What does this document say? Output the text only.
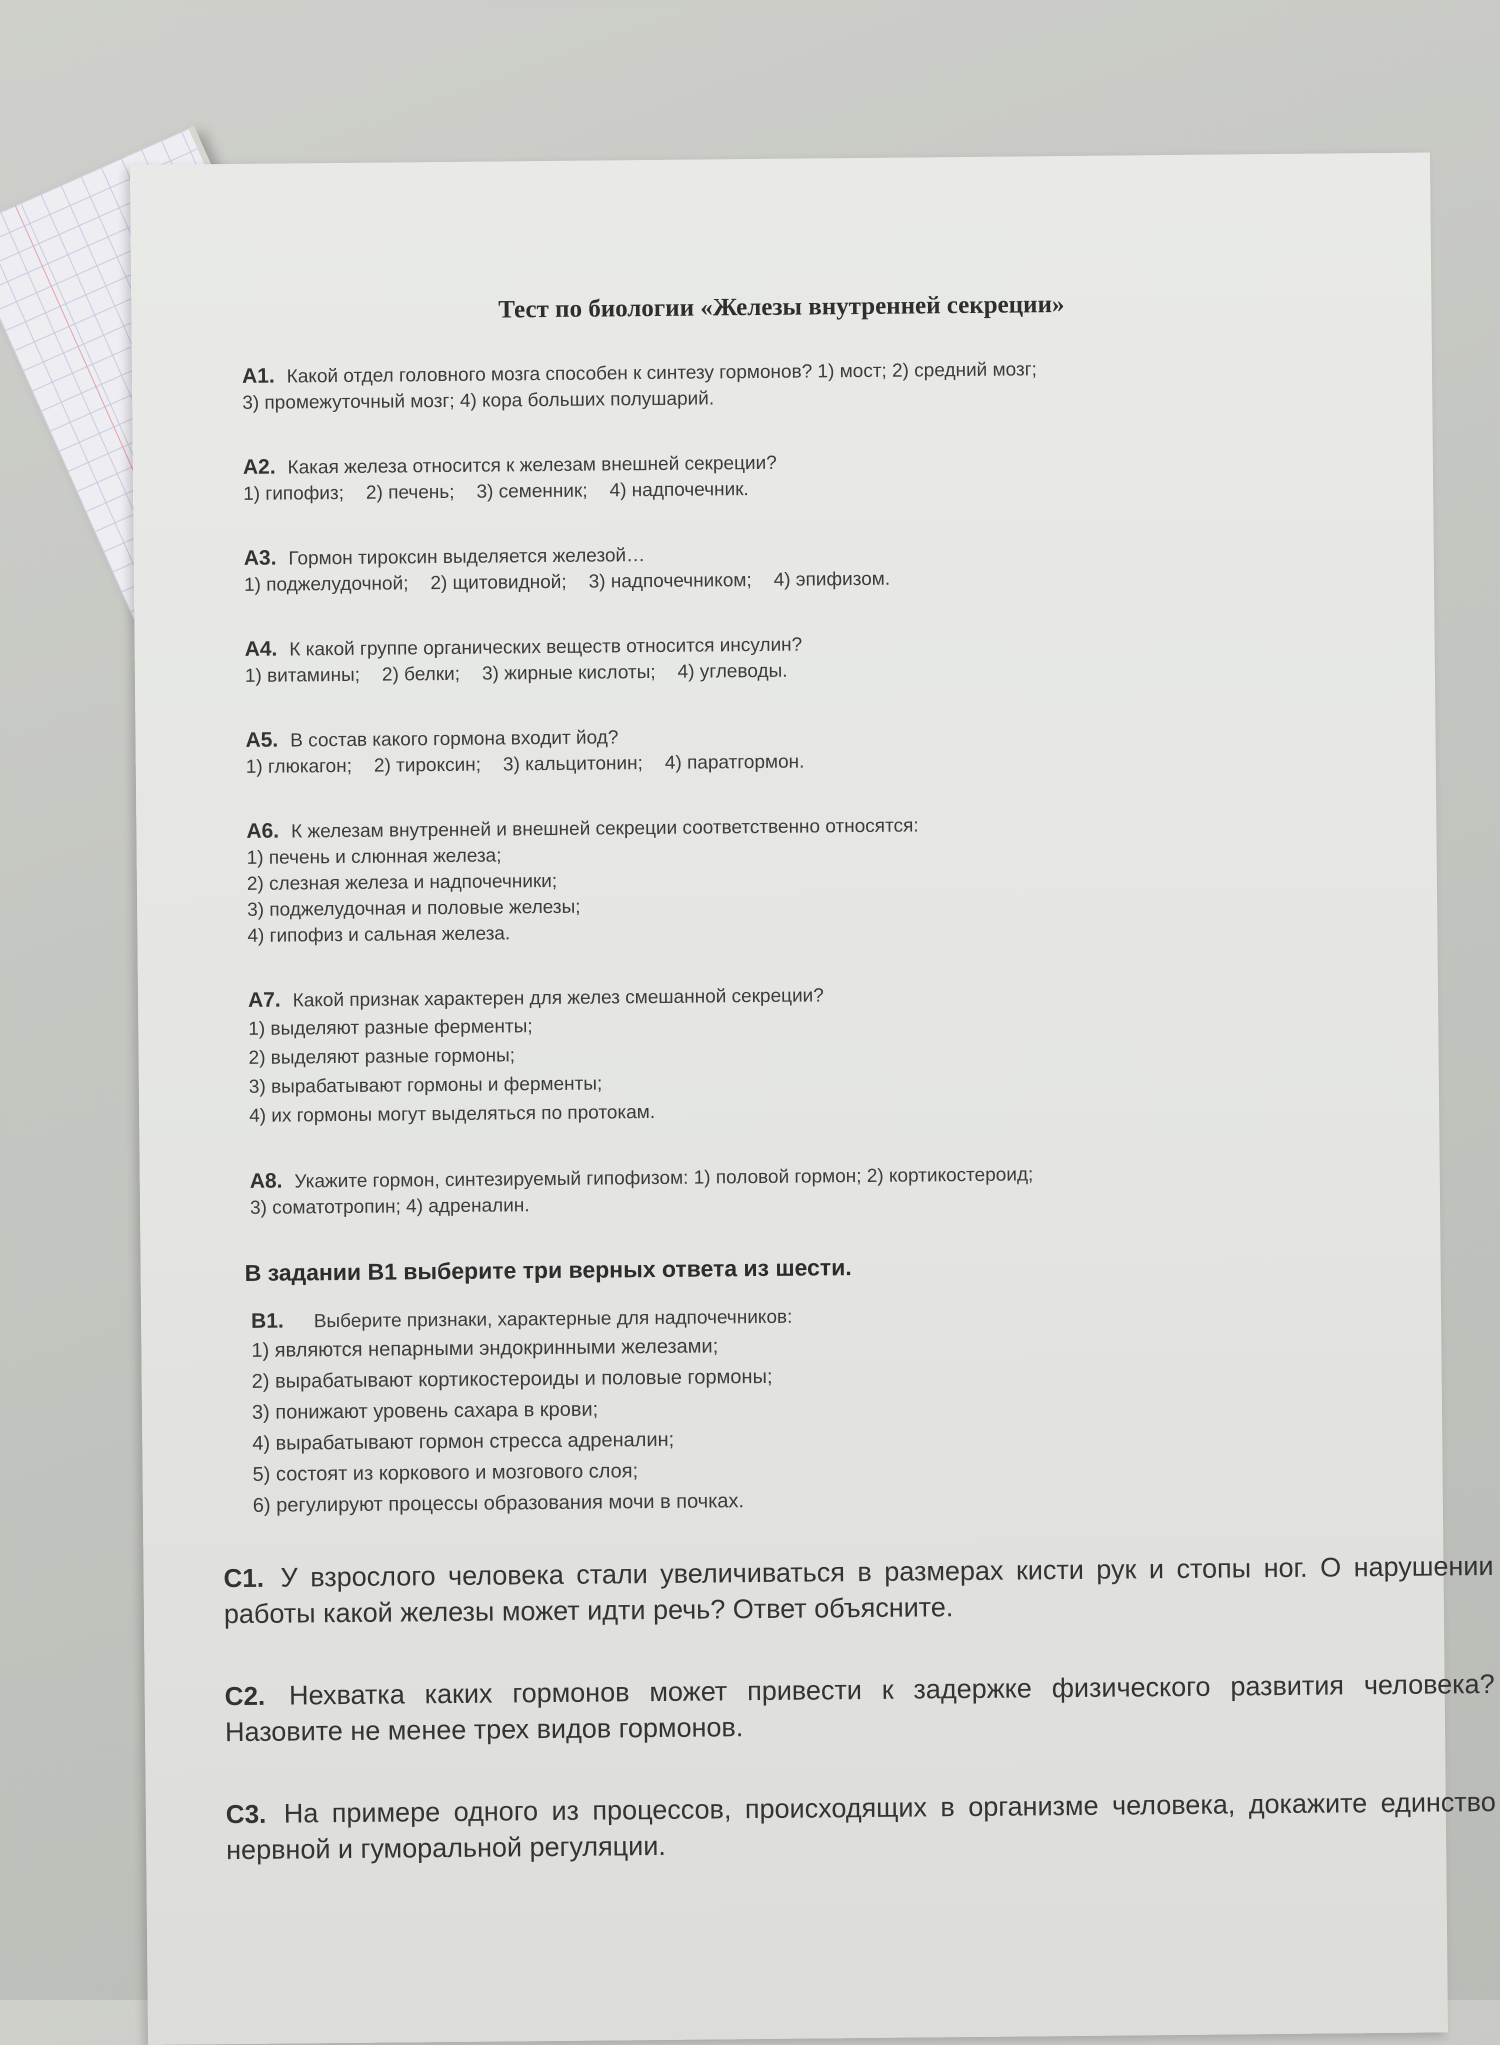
Тест по биологии «Железы внутренней секреции»
А1. Какой отдел головного мозга способен к синтезу гормонов? 1) мост; 2) средний мозг;
3) промежуточный мозг; 4) кора больших полушарий.
А2. Какая железа относится к железам внешней секреции?
1) гипофиз; 2) печень; 3) семенник; 4) надпочечник.
А3. Гормон тироксин выделяется железой…
1) поджелудочной; 2) щитовидной; 3) надпочечником; 4) эпифизом.
А4. К какой группе органических веществ относится инсулин?
1) витамины; 2) белки; 3) жирные кислоты; 4) углеводы.
А5. В состав какого гормона входит йод?
1) глюкагон; 2) тироксин; 3) кальцитонин; 4) паратгормон.
А6. К железам внутренней и внешней секреции соответственно относятся:
1) печень и слюнная железа;
2) слезная железа и надпочечники;
3) поджелудочная и половые железы;
4) гипофиз и сальная железа.
А7. Какой признак характерен для желез смешанной секреции?
1) выделяют разные ферменты;
2) выделяют разные гормоны;
3) вырабатывают гормоны и ферменты;
4) их гормоны могут выделяться по протокам.
А8. Укажите гормон, синтезируемый гипофизом: 1) половой гормон; 2) кортикостероид;
3) соматотропин; 4) адреналин.
В задании В1 выберите три верных ответа из шести.
В1. Выберите признаки, характерные для надпочечников:
1) являются непарными эндокринными железами;
2) вырабатывают кортикостероиды и половые гормоны;
3) понижают уровень сахара в крови;
4) вырабатывают гормон стресса адреналин;
5) состоят из коркового и мозгового слоя;
6) регулируют процессы образования мочи в почках.
С1. У взрослого человека стали увеличиваться в размерах кисти рук и стопы ног. О нарушении работы какой железы может идти речь? Ответ объясните.
С2. Нехватка каких гормонов может привести к задержке физического развития человека? Назовите не менее трех видов гормонов.
С3. На примере одного из процессов, происходящих в организме человека, докажите единство нервной и гуморальной регуляции.
